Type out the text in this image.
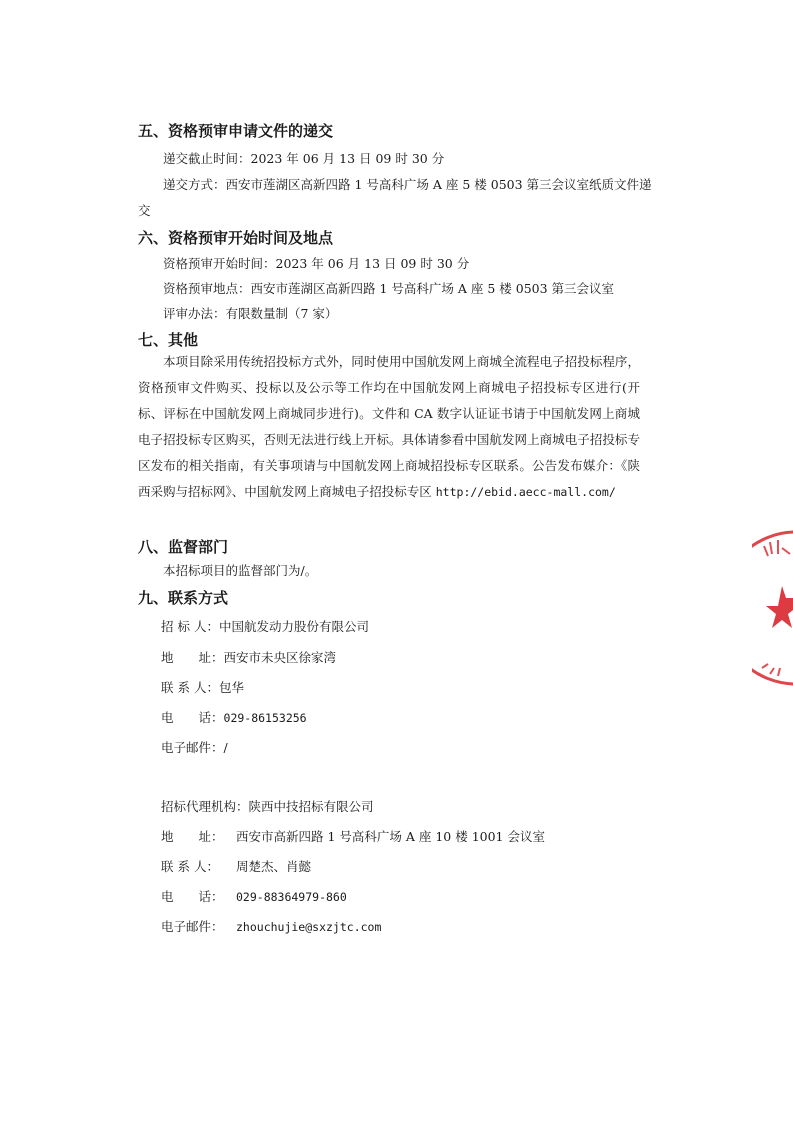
五、资格预审申请文件的递交
递交截止时间：2023 年 06 月 13 日 09 时 30 分
递交方式：西安市莲湖区高新四路 1 号高科广场 A 座 5 楼 0503 第三会议室纸质文件递
交
六、资格预审开始时间及地点
资格预审开始时间：2023 年 06 月 13 日 09 时 30 分
资格预审地点：西安市莲湖区高新四路 1 号高科广场 A 座 5 楼 0503 第三会议室
评审办法：有限数量制（7 家）
七、其他

本项目除采用传统招投标方式外，同时使用中国航发网上商城全流程电子招投标程序，资格预审文件购买、投标以及公示等工作均在中国航发网上商城电子招投标专区进行(开标、评标在中国航发网上商城同步进行)。文件和 CA 数字认证证书请于中国航发网上商城电子招投标专区购买，否则无法进行线上开标。具体请参看中国航发网上商城电子招投标专区发布的相关指南，有关事项请与中国航发网上商城招投标专区联系。公告发布媒介：《陕西采购与招标网》、中国航发网上商城电子招投标专区 http://ebid.aecc-mall.com/

八、监督部门
本招标项目的监督部门为/。
九、联系方式
招 标 人：中国航发动力股份有限公司
地　　址：西安市未央区徐家湾
联 系 人：包华
电　　话：029-86153256
电子邮件：/
招标代理机构：陕西中技招标有限公司
地　　址： 西安市高新四路 1 号高科广场 A 座 10 楼 1001 会议室
联 系 人： 周楚杰、肖懿
电　　话： 029-88364979-860
电子邮件： zhouchujie@sxzjtc.com
